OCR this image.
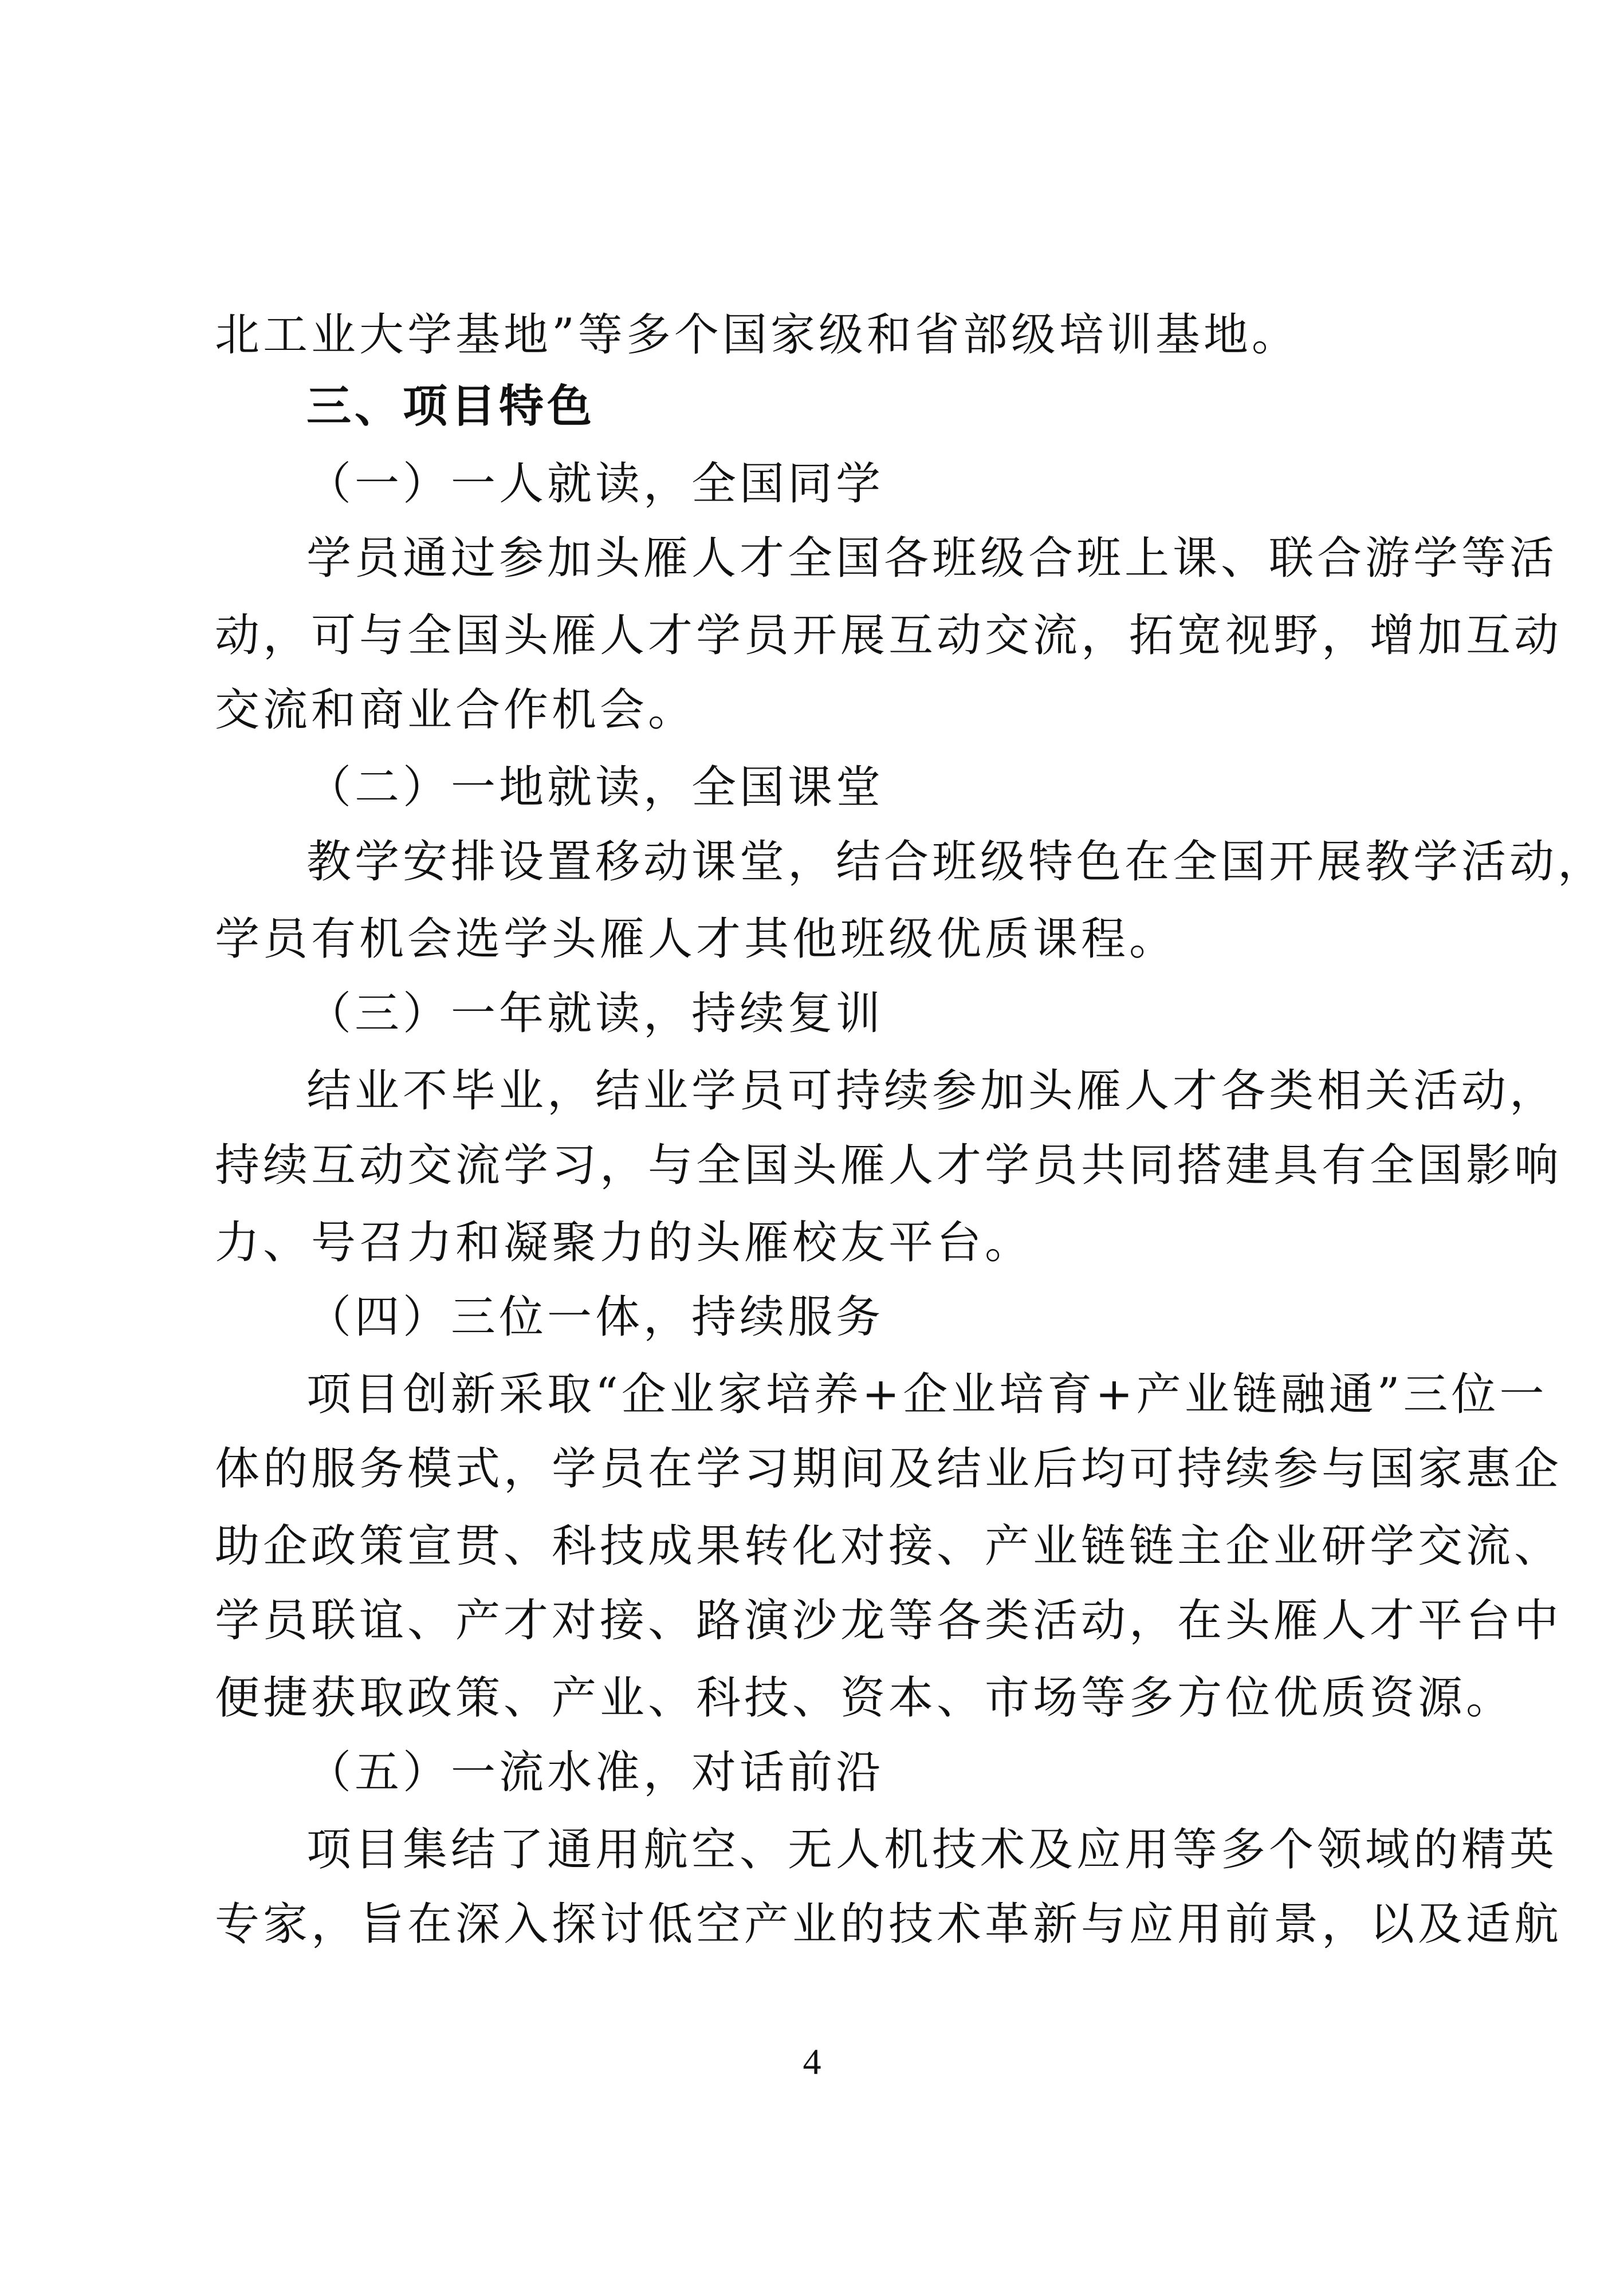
北工业大学基地”等多个国家级和省部级培训基地。
三、项目特色
（一）一人就读，全国同学
学员通过参加头雁人才全国各班级合班上课、联合游学等活
动，可与全国头雁人才学员开展互动交流，拓宽视野，增加互动
交流和商业合作机会。
（二）一地就读，全国课堂
教学安排设置移动课堂，结合班级特色在全国开展教学活动，
学员有机会选学头雁人才其他班级优质课程。
（三）一年就读，持续复训
结业不毕业，结业学员可持续参加头雁人才各类相关活动，
持续互动交流学习，与全国头雁人才学员共同搭建具有全国影响
力、号召力和凝聚力的头雁校友平台。
（四）三位一体，持续服务
项目创新采取“企业家培养+企业培育+产业链融通”三位一
体的服务模式，学员在学习期间及结业后均可持续参与国家惠企
助企政策宣贯、科技成果转化对接、产业链链主企业研学交流、
学员联谊、产才对接、路演沙龙等各类活动，在头雁人才平台中
便捷获取政策、产业、科技、资本、市场等多方位优质资源。
（五）一流水准，对话前沿
项目集结了通用航空、无人机技术及应用等多个领域的精英
专家，旨在深入探讨低空产业的技术革新与应用前景，以及适航
4
